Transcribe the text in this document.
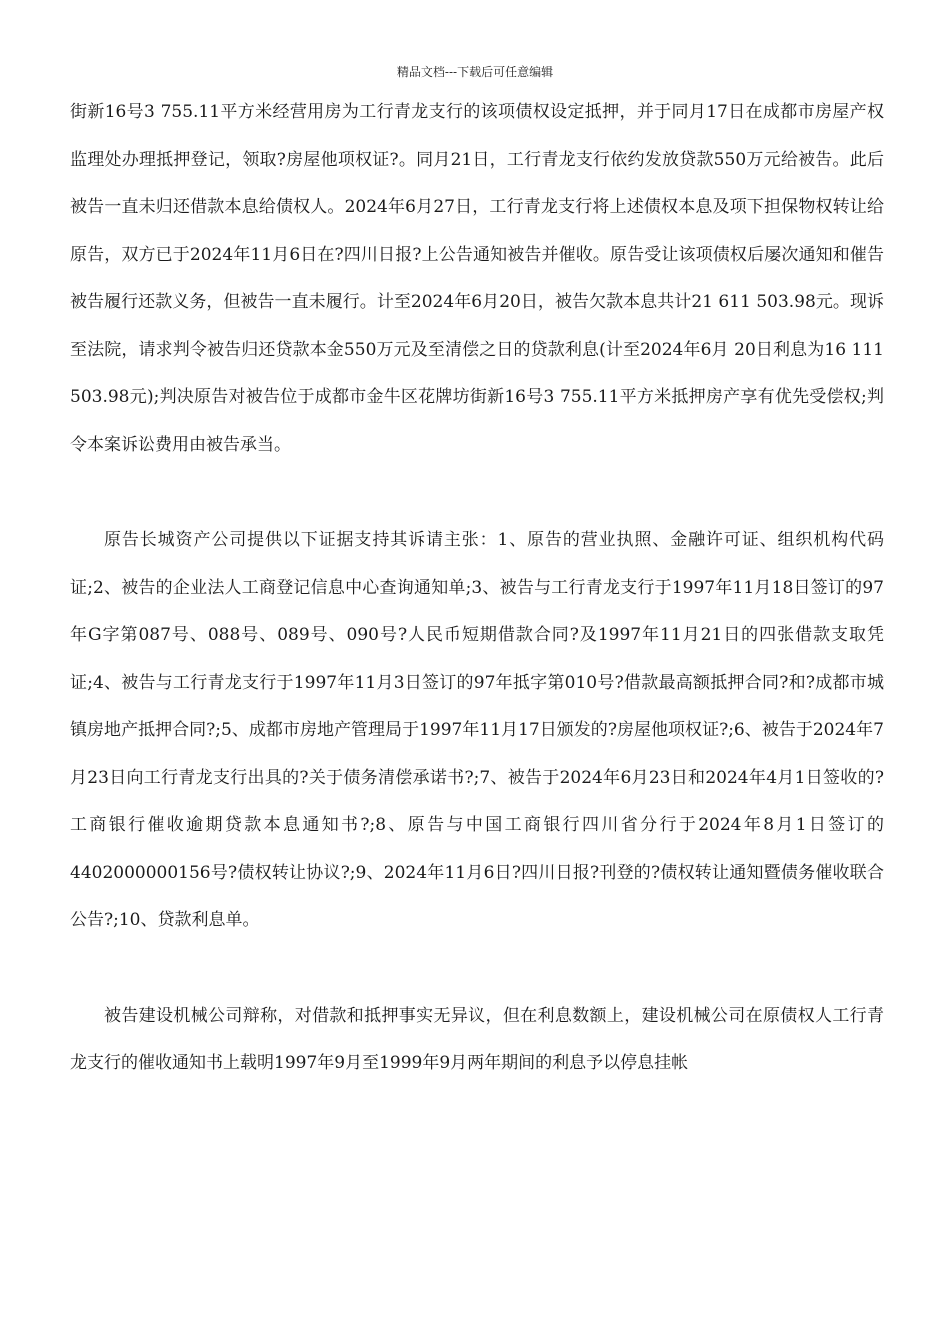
精品文档---下载后可任意编辑

街新16号3 755.11平方米经营用房为工行青龙支行的该项债权设定抵押，并于同月17日在成都市房屋产权监理处办理抵押登记，领取?房屋他项权证?。同月21日，工行青龙支行依约发放贷款550万元给被告。此后被告一直未归还借款本息给债权人。2024年6月27日，工行青龙支行将上述债权本息及项下担保物权转让给原告，双方已于2024年11月6日在?四川日报?上公告通知被告并催收。原告受让该项债权后屡次通知和催告被告履行还款义务，但被告一直未履行。计至2024年6月20日，被告欠款本息共计21 611 503.98元。现诉至法院，请求判令被告归还贷款本金550万元及至清偿之日的贷款利息(计至2024年6月 20日利息为16 111 503.98元);判决原告对被告位于成都市金牛区花牌坊街新16号3 755.11平方米抵押房产享有优先受偿权;判令本案诉讼费用由被告承当。

原告长城资产公司提供以下证据支持其诉请主张：1、原告的营业执照、金融许可证、组织机构代码证;2、被告的企业法人工商登记信息中心查询通知单;3、被告与工行青龙支行于1997年11月18日签订的97年G字第087号、088号、089号、090号?人民币短期借款合同?及1997年11月21日的四张借款支取凭证;4、被告与工行青龙支行于1997年11月3日签订的97年抵字第010号?借款最高额抵押合同?和?成都市城镇房地产抵押合同?;5、成都市房地产管理局于1997年11月17日颁发的?房屋他项权证?;6、被告于2024年7月23日向工行青龙支行出具的?关于债务清偿承诺书?;7、被告于2024年6月23日和2024年4月1日签收的?工商银行催收逾期贷款本息通知书?;8、原告与中国工商银行四川省分行于2024年8月1日签订的4402000000156号?债权转让协议?;9、2024年11月6日?四川日报?刊登的?债权转让通知暨债务催收联合公告?;10、贷款利息单。

被告建设机械公司辩称，对借款和抵押事实无异议，但在利息数额上，建设机械公司在原债权人工行青龙支行的催收通知书上载明1997年9月至1999年9月两年期间的利息予以停息挂帐
